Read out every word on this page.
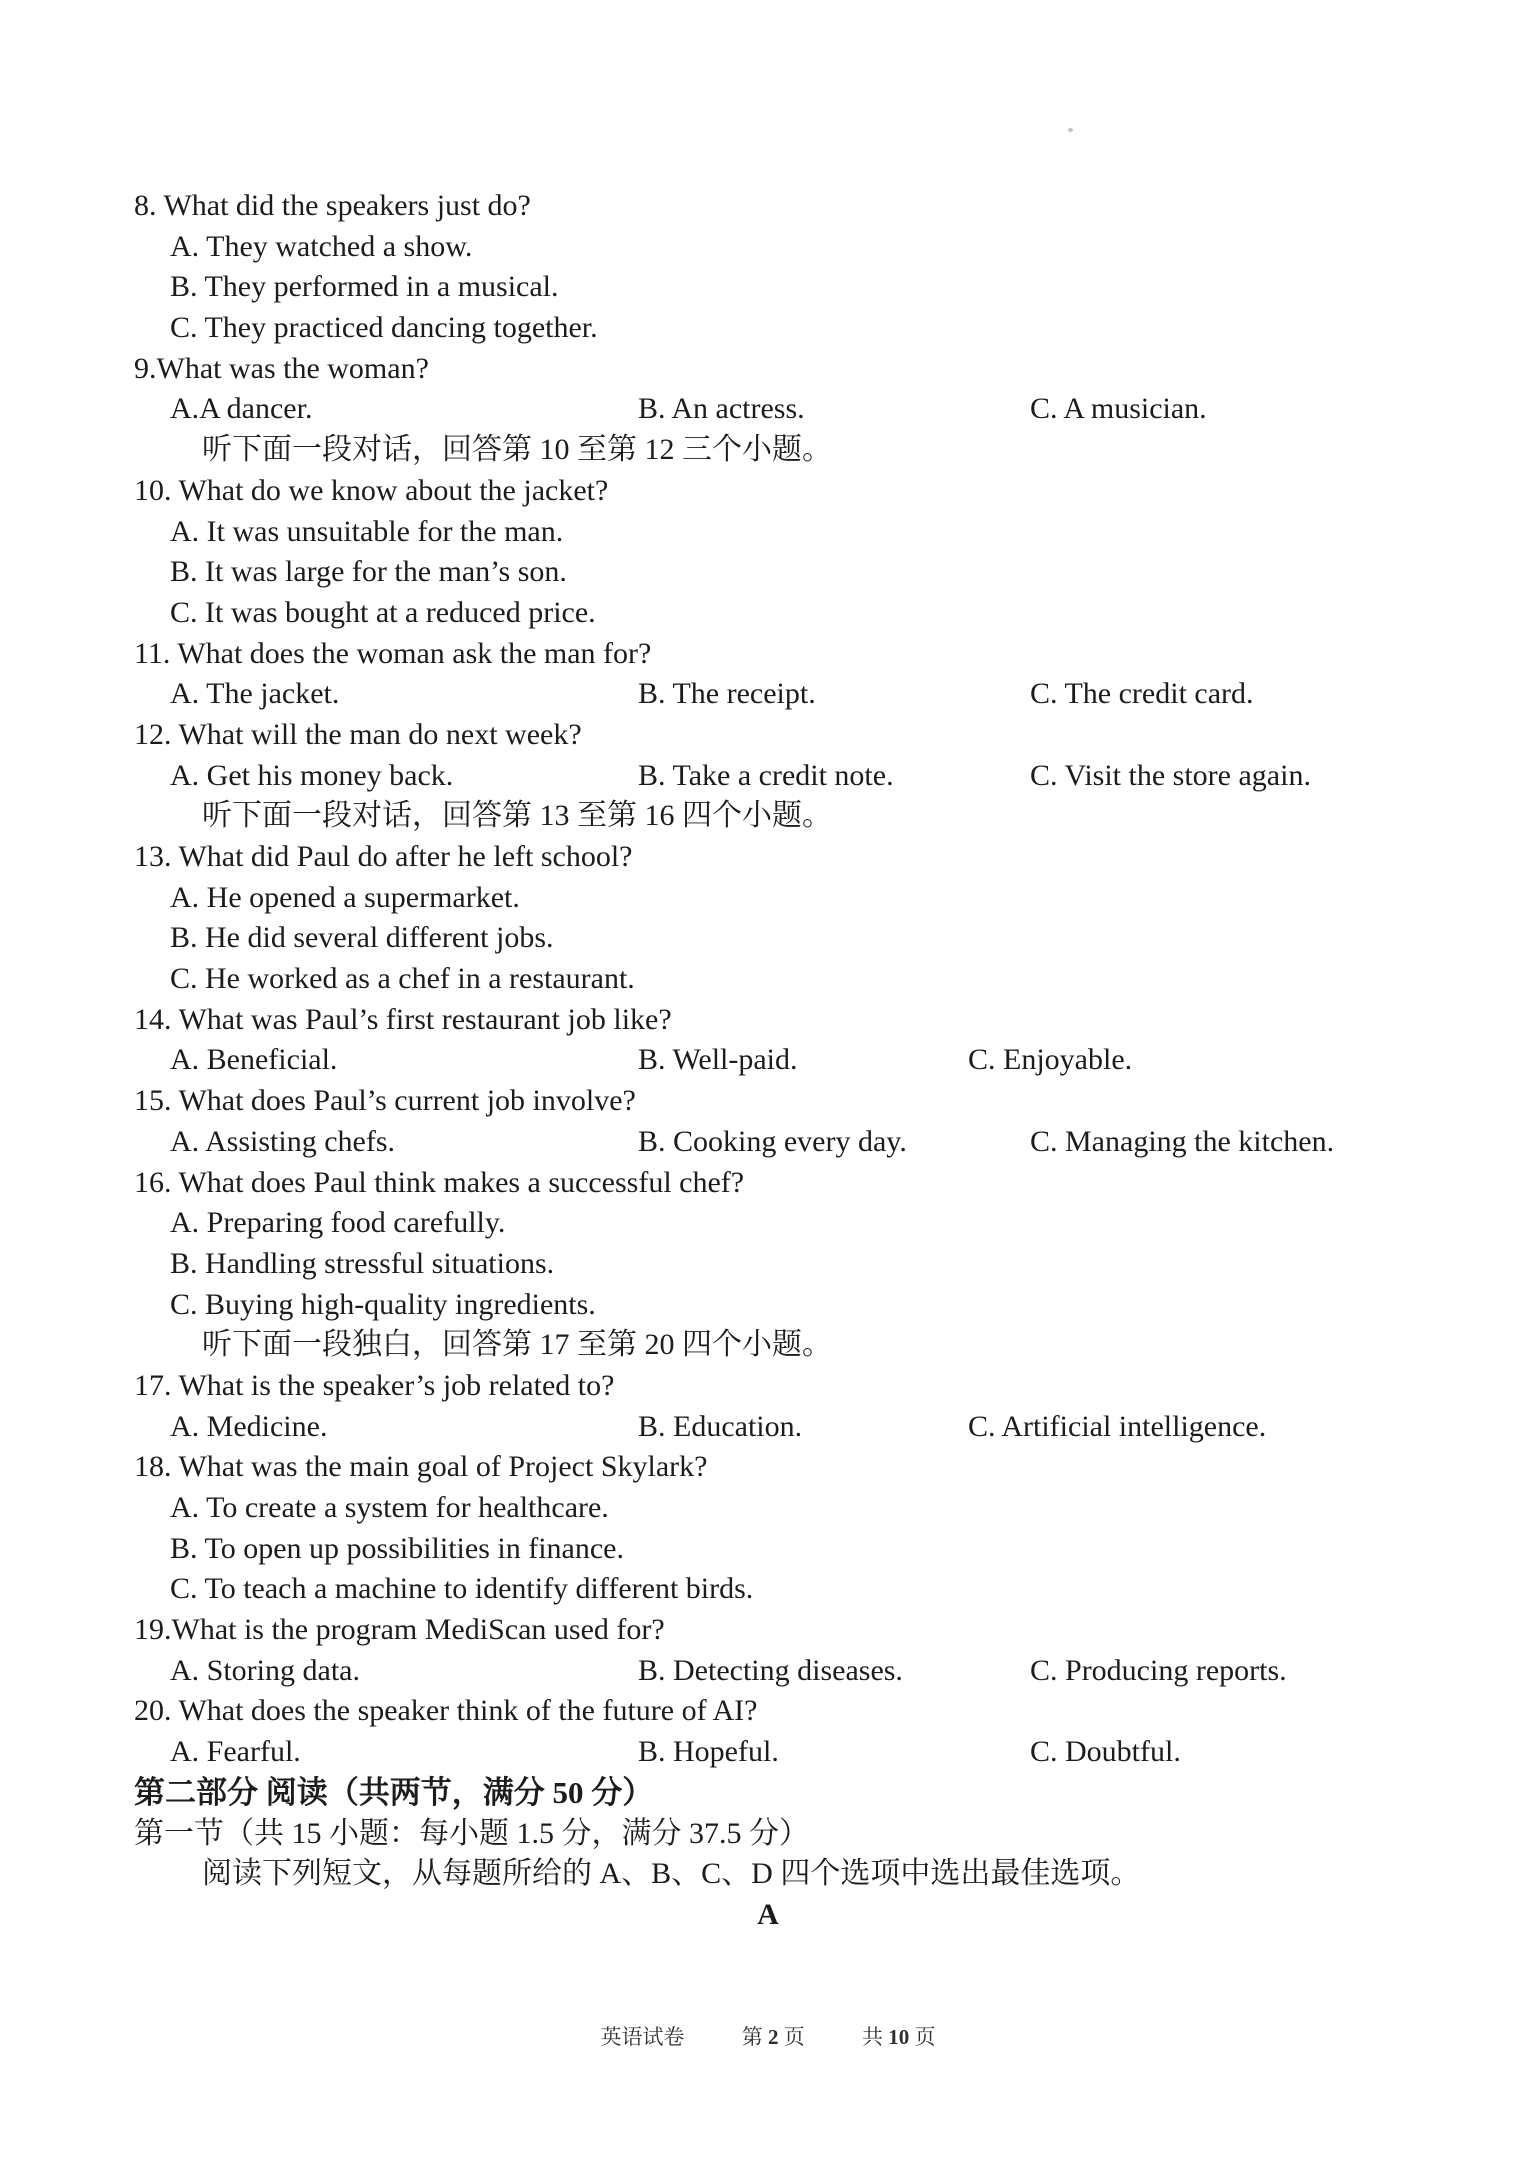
8. What did the speakers just do?
A. They watched a show.
B. They performed in a musical.
C. They practiced dancing together.
9.What was the woman?
A.A dancer.	B. An actress.	C. A musician.
听下面一段对话，回答第 10 至第 12 三个小题。
10. What do we know about the jacket?
A. It was unsuitable for the man.
B. It was large for the man’s son.
C. It was bought at a reduced price.
11. What does the woman ask the man for?
A. The jacket.	B. The receipt.	C. The credit card.
12. What will the man do next week?
A. Get his money back.	B. Take a credit note.	C. Visit the store again.
听下面一段对话，回答第 13 至第 16 四个小题。
13. What did Paul do after he left school?
A. He opened a supermarket.
B. He did several different jobs.
C. He worked as a chef in a restaurant.
14. What was Paul’s first restaurant job like?
A. Beneficial.	B. Well-paid.	C. Enjoyable.
15. What does Paul’s current job involve?
A. Assisting chefs.	B. Cooking every day.	C. Managing the kitchen.
16. What does Paul think makes a successful chef?
A. Preparing food carefully.
B. Handling stressful situations.
C. Buying high-quality ingredients.
听下面一段独白，回答第 17 至第 20 四个小题。
17. What is the speaker’s job related to?
A. Medicine.	B. Education.	C. Artificial intelligence.
18. What was the main goal of Project Skylark?
A. To create a system for healthcare.
B. To open up possibilities in finance.
C. To teach a machine to identify different birds.
19.What is the program MediScan used for?
A. Storing data.	B. Detecting diseases.	C. Producing reports.
20. What does the speaker think of the future of AI?
A. Fearful.	B. Hopeful.	C. Doubtful.
第二部分 阅读（共两节，满分 50 分）
第一节（共 15 小题：每小题 1.5 分，满分 37.5 分）
阅读下列短文，从每题所给的 A、B、C、D 四个选项中选出最佳选项。
A
英语试卷	第 2 页	共 10 页
